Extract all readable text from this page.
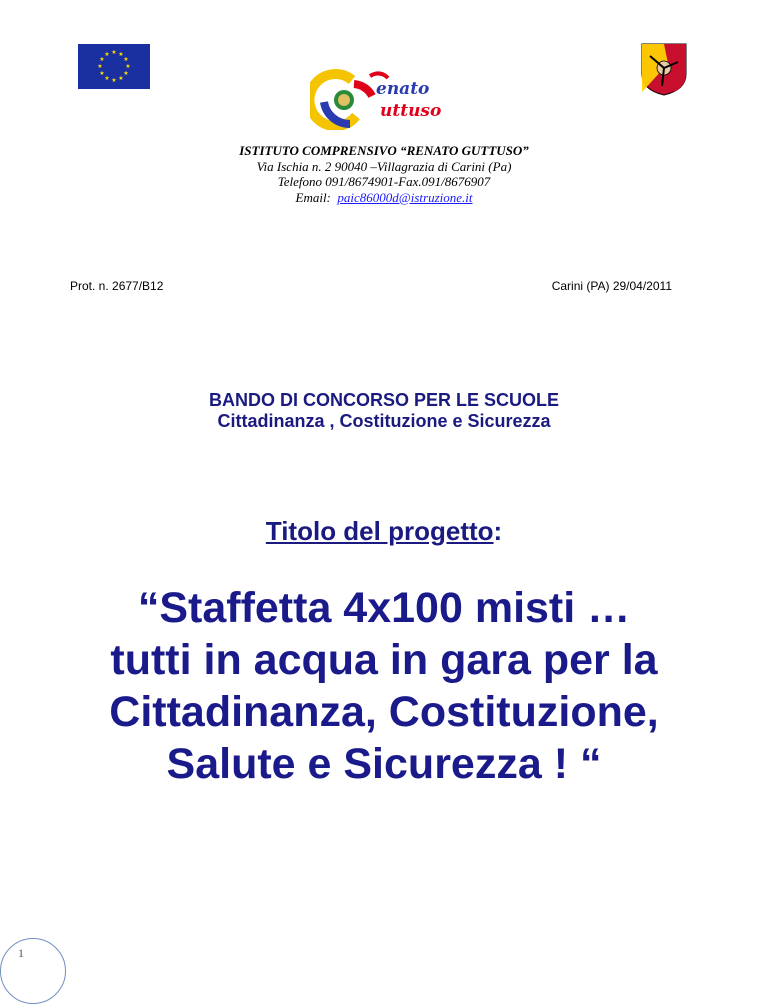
★ ★
★
★
★
★
★
★
★
★
★
★
enato
uttuso
ISTITUTO COMPRENSIVO “RENATO GUTTUSO”
Via Ischia n. 2 90040 –Villagrazia di Carini (Pa)
Telefono 091/8674901-Fax.091/8676907
Email: paic86000d@istruzione.it
Prot. n. 2677/B12	Carini (PA) 29/04/2011
BANDO DI CONCORSO PER LE SCUOLE
Cittadinanza , Costituzione e Sicurezza
Titolo del progetto:
“Staffetta 4x100 misti …
tutti in acqua in gara per la
Cittadinanza, Costituzione,
Salute e Sicurezza ! “
1
